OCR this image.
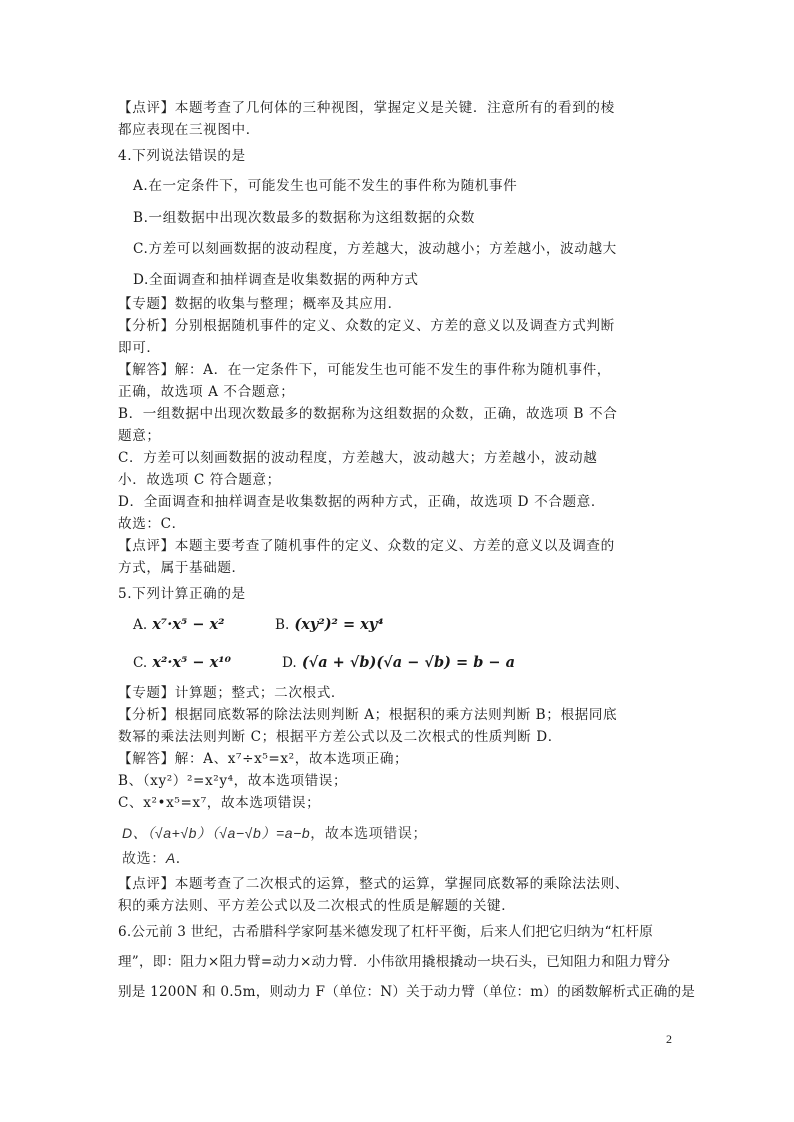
【点评】本题考查了几何体的三种视图，掌握定义是关键．注意所有的看到的棱
都应表现在三视图中．
4.下列说法错误的是
A.在一定条件下，可能发生也可能不发生的事件称为随机事件
B.一组数据中出现次数最多的数据称为这组数据的众数
C.方差可以刻画数据的波动程度，方差越大，波动越小；方差越小，波动越大
D.全面调查和抽样调查是收集数据的两种方式
【专题】数据的收集与整理；概率及其应用．
【分析】分别根据随机事件的定义、众数的定义、方差的意义以及调查方式判断
即可．
【解答】解：A．在一定条件下，可能发生也可能不发生的事件称为随机事件，
正确，故选项 A 不合题意；
B．一组数据中出现次数最多的数据称为这组数据的众数，正确，故选项 B 不合
题意；
C．方差可以刻画数据的波动程度，方差越大，波动越大；方差越小，波动越
小．故选项 C 符合题意；
D．全面调查和抽样调查是收集数据的两种方式，正确，故选项 D 不合题意．
故选：C．
【点评】本题主要考查了随机事件的定义、众数的定义、方差的意义以及调查的
方式，属于基础题．
5.下列计算正确的是
A. x⁷·x⁵ − x²	B. (xy²)² = xy⁴
C. x²·x⁵ − x¹⁰	D. (√a + √b)(√a − √b) = b − a
【专题】计算题；整式；二次根式．
【分析】根据同底数幂的除法法则判断 A；根据积的乘方法则判断 B；根据同底
数幂的乘法法则判断 C；根据平方差公式以及二次根式的性质判断 D．
【解答】解：A、x⁷÷x⁵=x²，故本选项正确；
B、（xy²）²=x²y⁴，故本选项错误；
C、x²•x⁵=x⁷，故本选项错误；
D、（√a+√b）（√a−√b）=a−b，故本选项错误；
故选：A．
【点评】本题考查了二次根式的运算，整式的运算，掌握同底数幂的乘除法法则、
积的乘方法则、平方差公式以及二次根式的性质是解题的关键．
6.公元前 3 世纪，古希腊科学家阿基米德发现了杠杆平衡，后来人们把它归纳为“杠杆原
理”，即：阻力×阻力臂=动力×动力臂．小伟欲用撬根撬动一块石头，已知阻力和阻力臂分
别是 1200N 和 0.5m，则动力 F（单位：N）关于动力臂（单位：m）的函数解析式正确的是
2
